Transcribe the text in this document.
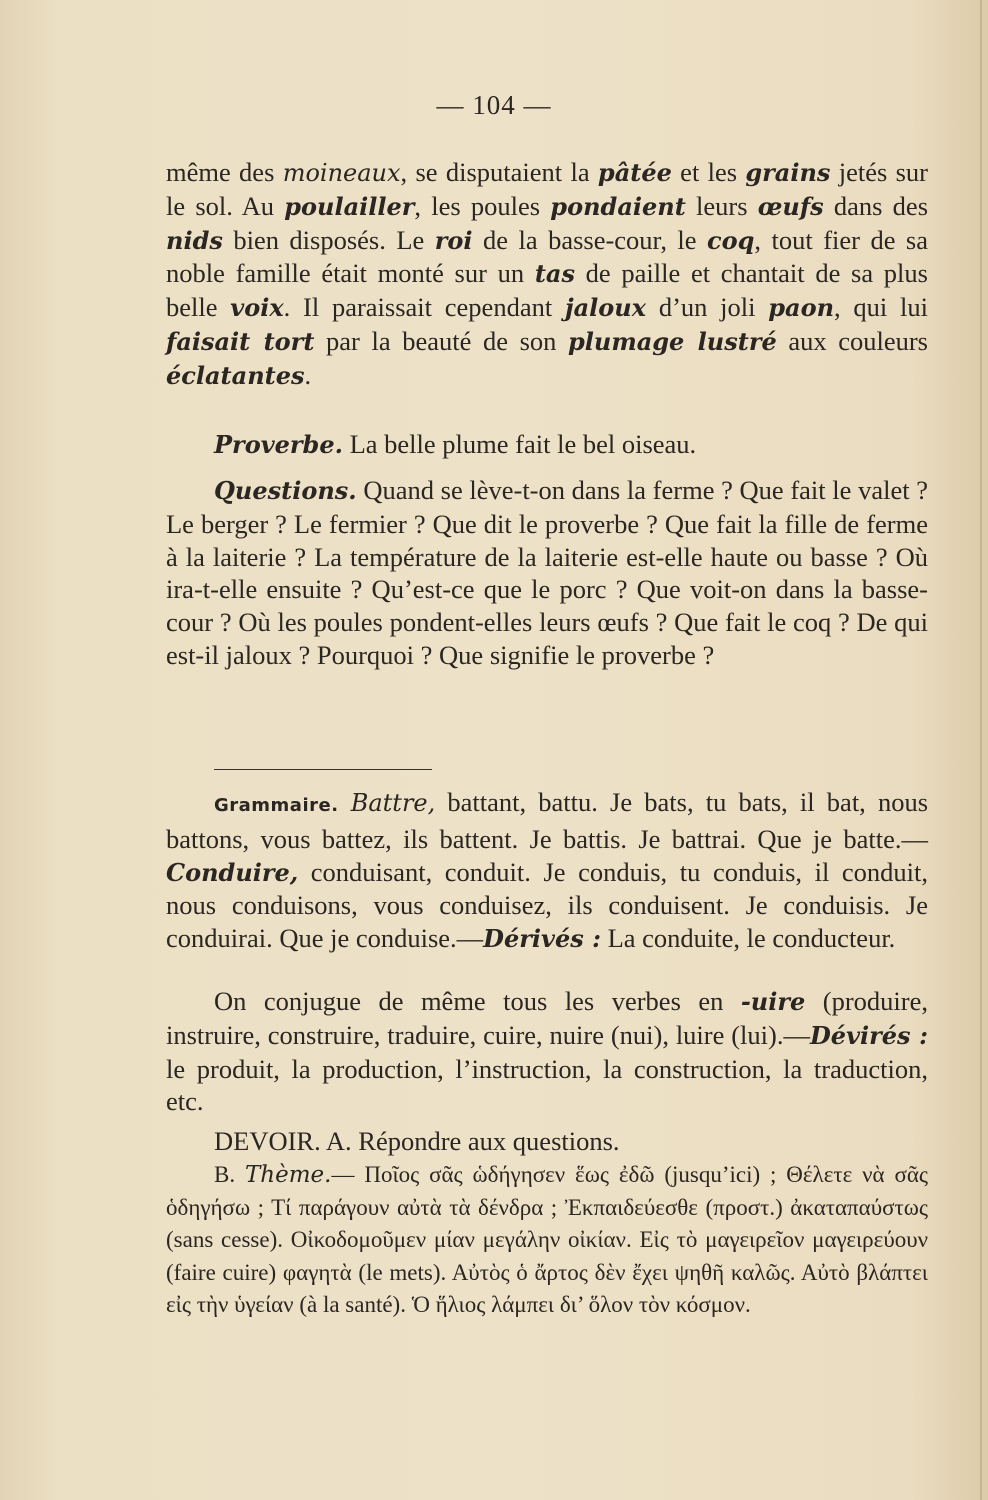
— 104 —

même des moineaux, se disputaient la pâtée et les grains jetés sur le sol. Au poulailler, les poules pondaient leurs œufs dans des nids bien disposés. Le roi de la basse-cour, le coq, tout fier de sa noble famille était monté sur un tas de paille et chantait de sa plus belle voix. Il paraissait cependant jaloux d’un joli paon, qui lui faisait tort par la beauté de son plumage lustré aux couleurs éclatantes.

Proverbe. La belle plume fait le bel oiseau.

Questions. Quand se lève-t-on dans la ferme ? Que fait le valet ? Le berger ? Le fermier ? Que dit le proverbe ? Que fait la fille de ferme à la laiterie ? La température de la laiterie est-elle haute ou basse ? Où ira-t-elle ensuite ? Qu’est-ce que le porc ? Que voit-on dans la basse-cour ? Où les poules pondent-elles leurs œufs ? Que fait le coq ? De qui est-il jaloux ? Pourquoi ? Que signifie le proverbe ?

Grammaire. Battre, battant, battu. Je bats, tu bats, il bat, nous battons, vous battez, ils battent. Je battis. Je battrai. Que je batte.—Conduire, conduisant, conduit. Je conduis, tu conduis, il conduit, nous conduisons, vous conduisez, ils conduisent. Je conduisis. Je conduirai. Que je conduise.—Dérivés : La conduite, le conducteur.

On conjugue de même tous les verbes en -uire (produire, instruire, construire, traduire, cuire, nuire (nui), luire (lui).—Dévirés : le produit, la production, l’instruction, la construction, la traduction, etc.

DEVOIR. A. Répondre aux questions.

B. Thème.— Ποῖος σᾶς ὡδήγησεν ἕως ἐδῶ (jusqu’ici) ; Θέλετε νὰ σᾶς ὁδηγήσω ; Τί παράγουν αὐτὰ τὰ δένδρα ; Ἐκπαιδεύεσθε (προστ.) ἀκαταπαύστως (sans cesse). Οἰκοδομοῦμεν μίαν μεγάλην οἰκίαν. Εἰς τὸ μαγειρεῖον μαγειρεύουν (faire cuire) φαγητὰ (le mets). Αὐτὸς ὁ ἄρτος δὲν ἔχει ψηθῆ καλῶς. Αὐτὸ βλάπτει εἰς τὴν ὑγείαν (à la santé). Ὁ ἥλιος λάμπει δι’ ὅλον τὸν κόσμον.
